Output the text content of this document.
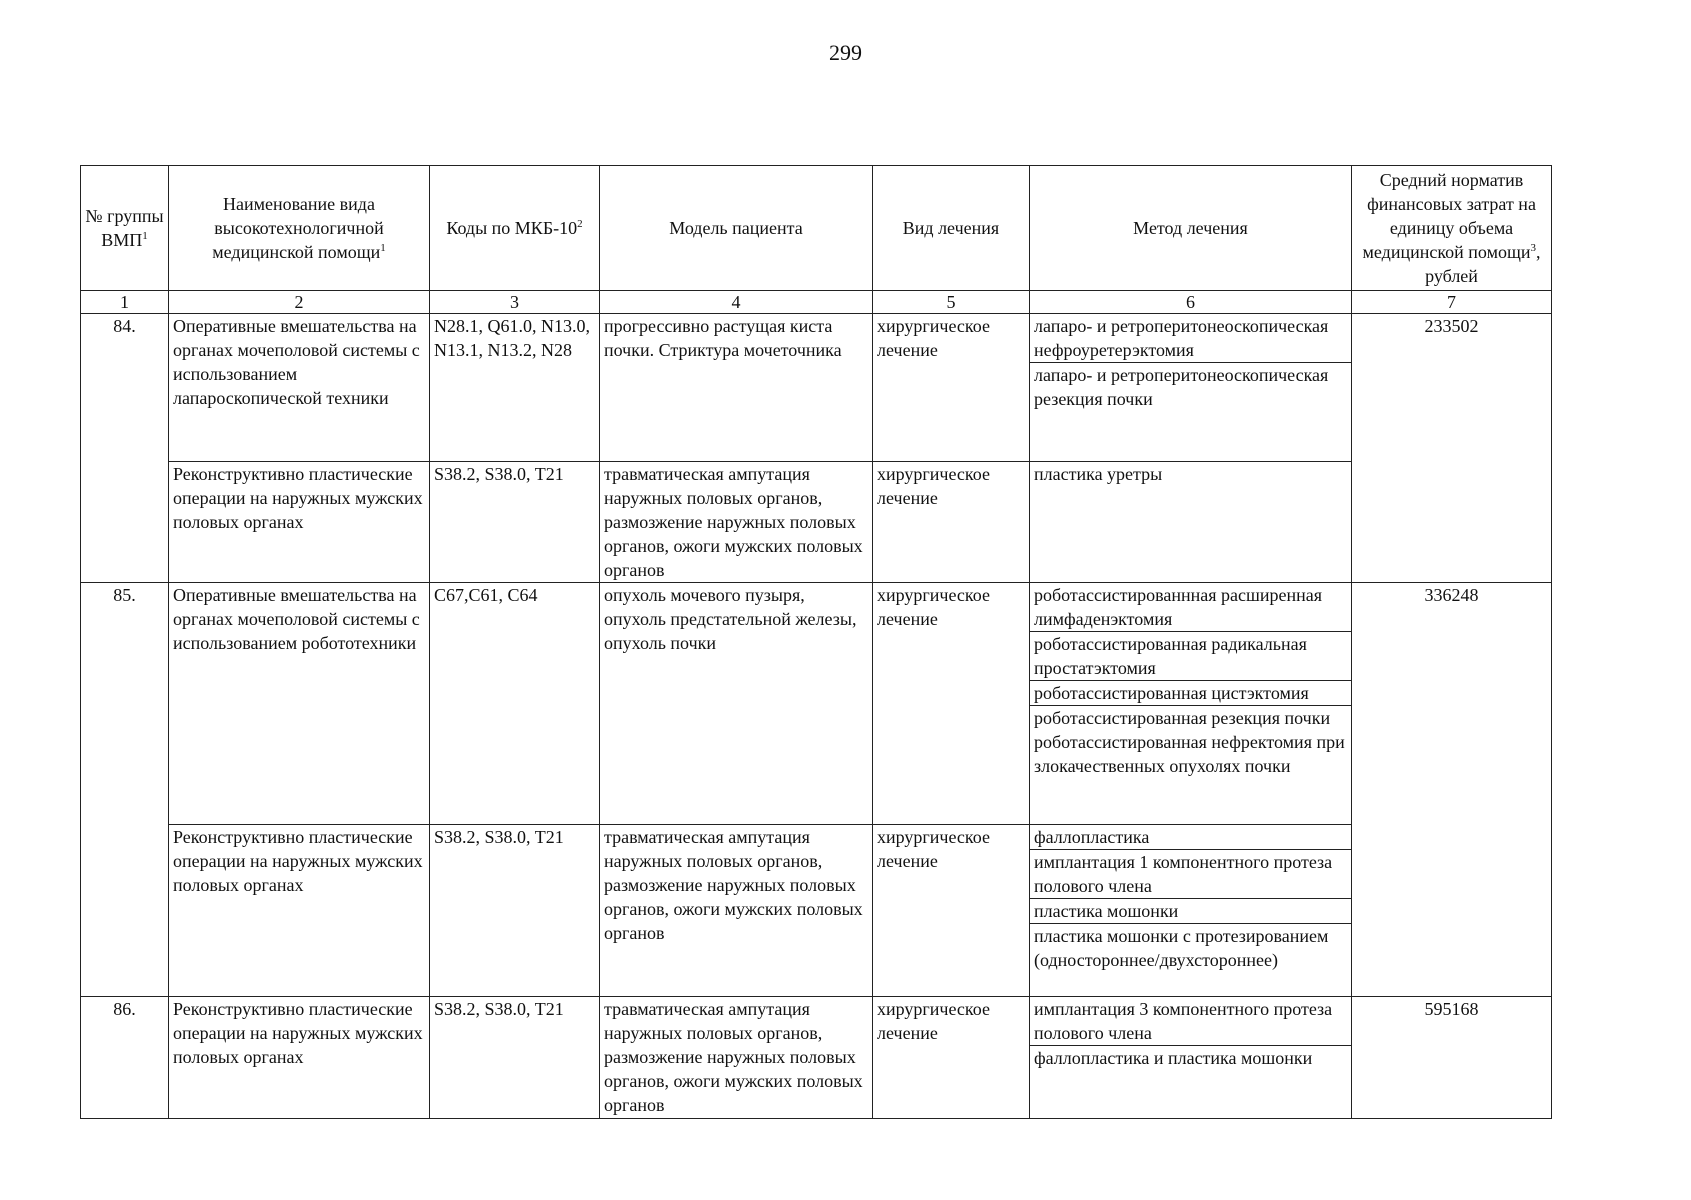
299
№ группы ВМП$^1$	Наименование вида высокотехнологичной медицинской помощи$^1$	Коды по МКБ-$10^2$	Модель пациента	Вид лечения	Метод лечения	Средний норматив финансовых затрат на единицу объема медицинской помощи$^3$, рублей
1	2	3	4	5	6	7
84.	Оперативные вмешательства на органах мочеполовой системы с использованием лапароскопической техники	N28.1, Q61.0, N13.0, N13.1, N13.2, N28	прогрессивно растущая киста почки. Стриктура мочеточника	хирургическое лечение	лапаро- и ретроперитонеоскопическая нефроуретерэктомия
лапаро- и ретроперитонеоскопическая резекция почки	233502
	Реконструктивно пластические операции на наружных мужских половых органах	S38.2, S38.0, T21	травматическая ампутация наружных половых органов, размозжение наружных половых органов, ожоги мужских половых органов	хирургическое лечение	пластика уретры	

85.	Оперативные вмешательства на органах мочеполовой системы с использованием робототехники	C67,C61, C64	опухоль мочевого пузыря, опухоль предстательной железы, опухоль почки	хирургическое лечение	роботассистированнная расширенная лимфаденэктомия
роботассистированная радикальная простатэктомия
роботассистированная цистэктомия
роботассистированная резекция почки
роботассистированная нефректомия при злокачественных опухолях почки	336248
	Реконструктивно пластические операции на наружных мужских половых органах	S38.2, S38.0, T21	травматическая ампутация наружных половых органов, размозжение наружных половых органов, ожоги мужских половых органов	хирургическое лечение	фаллопластика
имплантация 1 компонентного протеза полового члена
пластика мошонки
пластика мошонки с протезированием (одностороннее/двухстороннее)	

86.	Реконструктивно пластические операции на наружных мужских половых органах	S38.2, S38.0, T21	травматическая ампутация наружных половых органов, размозжение наружных половых органов, ожоги мужских половых органов	хирургическое лечение	имплантация 3 компонентного протеза полового члена
фаллопластика и пластика мошонки	595168
